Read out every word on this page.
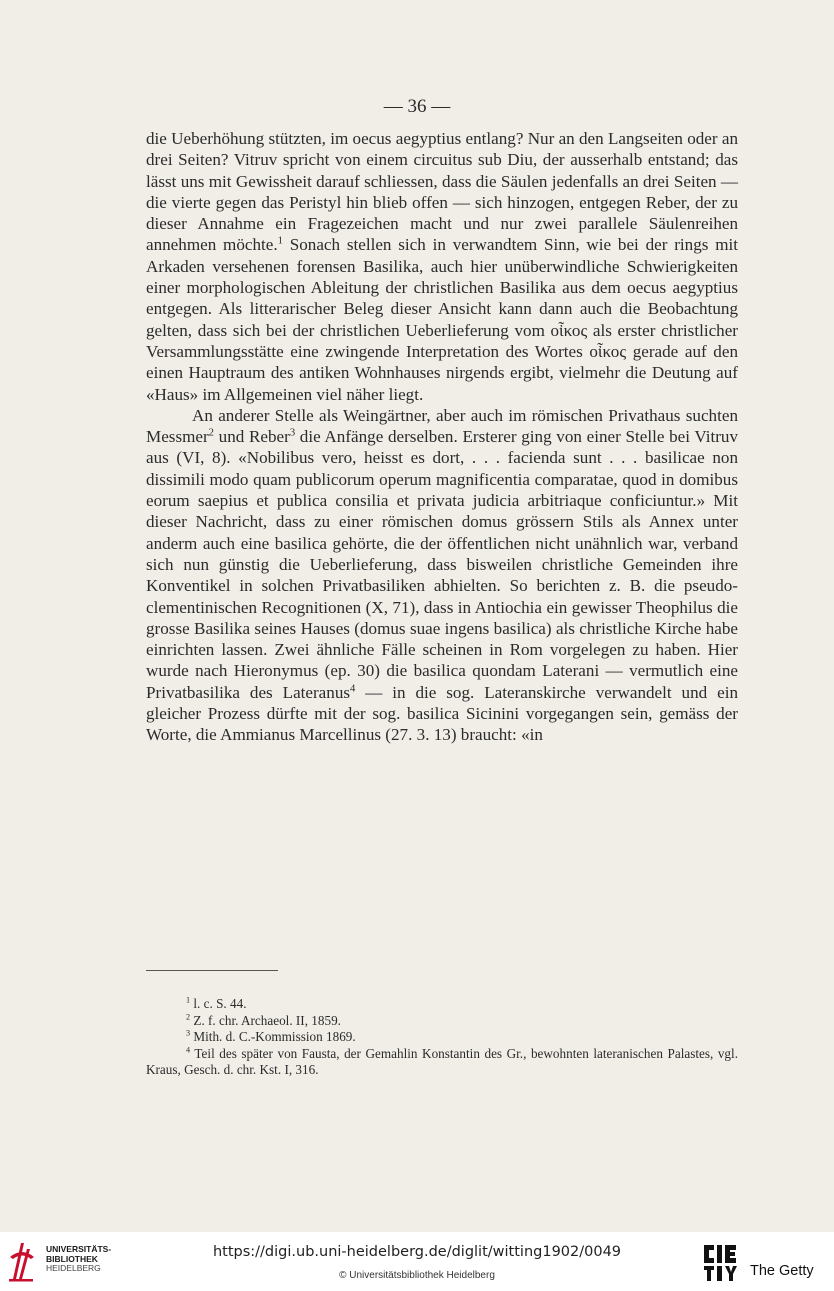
— 36 —

die Ueberhöhung stützten, im oecus aegyptius entlang? Nur an den Langseiten oder an drei Seiten? Vitruv spricht von einem circuitus sub Diu, der ausserhalb entstand; das lässt uns mit Gewissheit darauf schliessen, dass die Säulen jedenfalls an drei Seiten — die vierte gegen das Peristyl hin blieb offen — sich hinzogen, entgegen Reber, der zu dieser Annahme ein Fragezeichen macht und nur zwei parallele Säulenreihen annehmen möchte.$^1$ Sonach stellen sich in verwandtem Sinn, wie bei der rings mit Arkaden versehenen forensen Basilika, auch hier unüberwindliche Schwierigkeiten einer morphologischen Ableitung der christlichen Basilika aus dem oecus aegyptius entgegen. Als litterarischer Beleg dieser Ansicht kann dann auch die Beobachtung gelten, dass sich bei der christlichen Ueberlieferung vom οἶκος als erster christlicher Versammlungsstätte eine zwingende Interpretation des Wortes οἶκος gerade auf den einen Hauptraum des antiken Wohnhauses nirgends ergibt, vielmehr die Deutung auf «Haus» im Allgemeinen viel näher liegt.

An anderer Stelle als Weingärtner, aber auch im römischen Privathaus suchten Messmer$^2$ und Reber$^3$ die Anfänge derselben. Ersterer ging von einer Stelle bei Vitruv aus (VI, 8). «Nobilibus vero, heisst es dort, . . . facienda sunt . . . basilicae non dissimili modo quam publicorum operum magnificentia comparatae, quod in domibus eorum saepius et publica consilia et privata judicia arbitriaque conficiuntur.» Mit dieser Nachricht, dass zu einer römischen domus grössern Stils als Annex unter anderm auch eine basilica gehörte, die der öffentlichen nicht unähnlich war, verband sich nun günstig die Ueberlieferung, dass bisweilen christliche Gemeinden ihre Konventikel in solchen Privatbasiliken abhielten. So berichten z. B. die pseudo-clementinischen Recognitionen (X, 71), dass in Antiochia ein gewisser Theophilus die grosse Basilika seines Hauses (domus suae ingens basilica) als christliche Kirche habe einrichten lassen. Zwei ähnliche Fälle scheinen in Rom vorgelegen zu haben. Hier wurde nach Hieronymus (ep. 30) die basilica quondam Laterani — vermutlich eine Privatbasilika des Lateranus$^4$ — in die sog. Lateranskirche verwandelt und ein gleicher Prozess dürfte mit der sog. basilica Sicinini vorgegangen sein, gemäss der Worte, die Ammianus Marcellinus (27. 3. 13) braucht: «in

$^1$ l. c. S. 44.

$^2$ Z. f. chr. Archaeol. II, 1859.

$^3$ Mith. d. C.-Kommission 1869.

$^4$ Teil des später von Fausta, der Gemahlin Konstantin des Gr., bewohnten lateranischen Palastes, vgl. Kraus, Gesch. d. chr. Kst. I, 316.

UNIVERSITÄTS-
BIBLIOTHEK
HEIDELBERG
https://digi.ub.uni-heidelberg.de/diglit/witting1902/0049
© Universitätsbibliothek Heidelberg	The Getty
